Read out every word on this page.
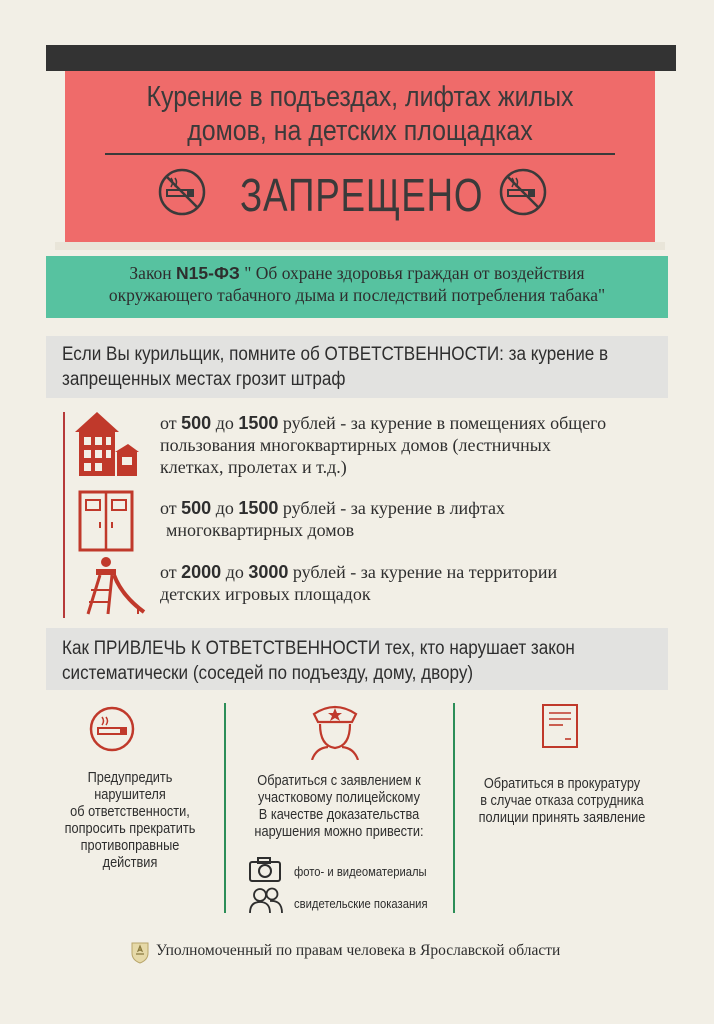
Курение в подъездах, лифтах жилых
домов, на детских площадках
ЗАПРЕЩЕНО
Закон N15-ФЗ " Об охране здоровья граждан от воздействия
окружающего табачного дыма и последствий потребления табака"
Если Вы курильщик, помните об ОТВЕТСТВЕННОСТИ: за курение в
запрещенных местах грозит штраф
от 500 до 1500 рублей - за курение в помещениях общего
пользования многоквартирных домов (лестничных
клетках, пролетах и т.д.)
от 500 до 1500 рублей - за курение в лифтах
многоквартирных домов
от 2000 до 3000 рублей - за курение на территории
детских игровых площадок
Как ПРИВЛЕЧЬ К ОТВЕТСТВЕННОСТИ тех, кто нарушает закон
систематически (соседей по подъезду, дому, двору)
Предупредить
нарушителя
об ответственности,
попросить прекратить
противоправные
действия
Обратиться с заявлением к
участковому полицейскому
В качестве доказательства
нарушения можно привести:
фото- и видеоматериалы
свидетельские показания
Обратиться в прокуратуру
в случае отказа сотрудника
полиции принять заявление
Уполномоченный по правам человека в Ярославской области
